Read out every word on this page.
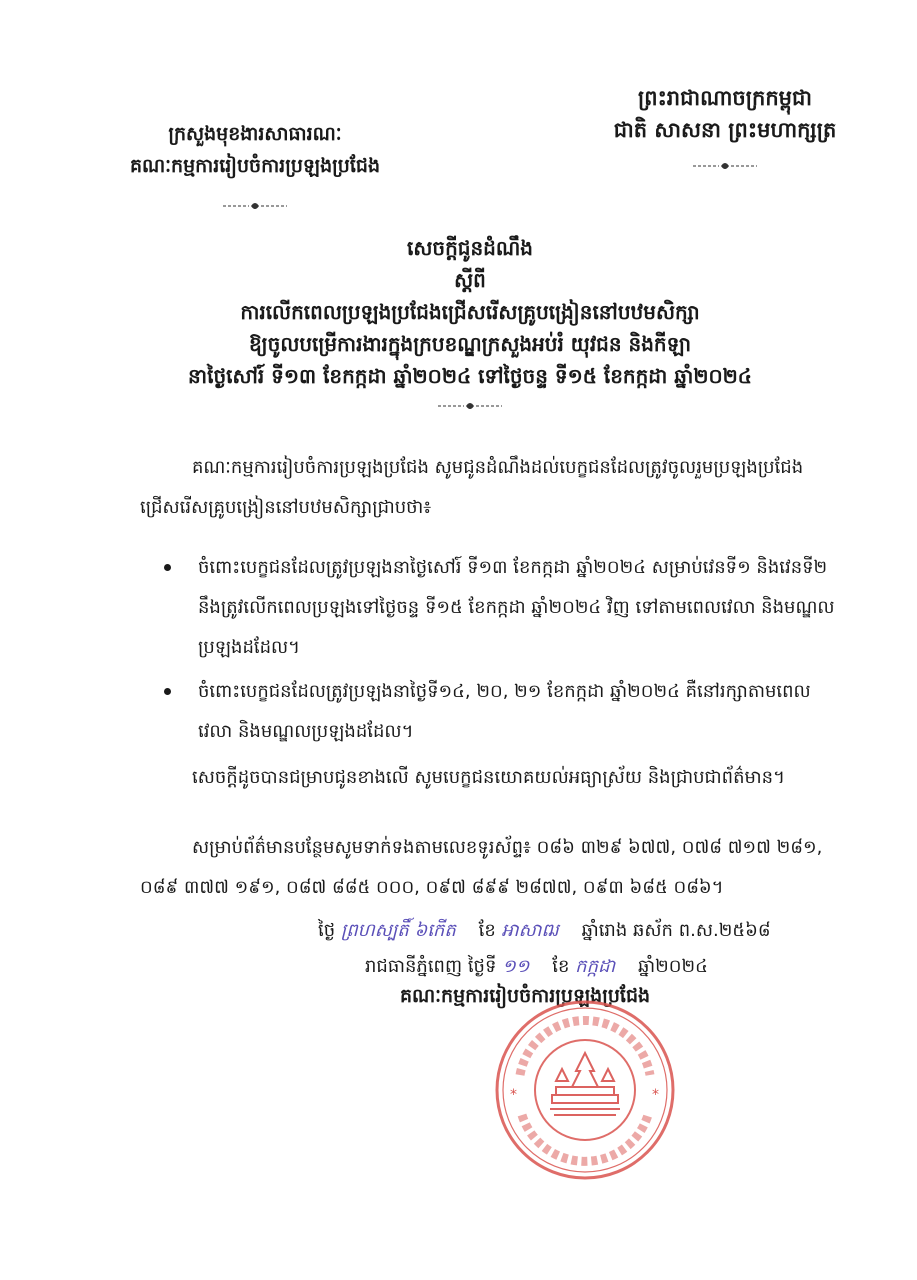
ព្រះរាជាណាចក្រកម្ពុជា
ជាតិ សាសនា ព្រះមហាក្សត្រ
ក្រសួងមុខងារសាធារណៈ
គណៈកម្មការរៀបចំការប្រឡងប្រជែង
សេចក្តីជូនដំណឹង
ស្តីពី
ការលើកពេលប្រឡងប្រជែងជ្រើសរើសគ្រូបង្រៀននៅបឋមសិក្សា
ឱ្យចូលបម្រើការងារក្នុងក្របខណ្ឌក្រសួងអប់រំ យុវជន និងកីឡា
នាថ្ងៃសៅរ៍ ទី១៣ ខែកក្កដា ឆ្នាំ២០២៤ ទៅថ្ងៃចន្ទ ទី១៥ ខែកក្កដា ឆ្នាំ២០២៤
គណៈកម្មការរៀបចំការប្រឡងប្រជែង សូមជូនដំណឹងដល់បេក្ខជនដែលត្រូវចូលរួមប្រឡងប្រជែងជ្រើសរើសគ្រូបង្រៀននៅបឋមសិក្សាជ្រាបថា៖
ចំពោះបេក្ខជនដែលត្រូវប្រឡងនាថ្ងៃសៅរ៍ ទី១៣ ខែកក្កដា ឆ្នាំ២០២៤ សម្រាប់វេនទី១ និងវេនទី២ នឹងត្រូវលើកពេលប្រឡងទៅថ្ងៃចន្ទ ទី១៥ ខែកក្កដា ឆ្នាំ២០២៤ វិញ ទៅតាមពេលវេលា និងមណ្ឌលប្រឡងដដែល។
ចំពោះបេក្ខជនដែលត្រូវប្រឡងនាថ្ងៃទី១៤, ២០, ២១ ខែកក្កដា ឆ្នាំ២០២៤ គឺនៅរក្សាតាមពេលវេលា និងមណ្ឌលប្រឡងដដែល។
សេចក្តីដូចបានជម្រាបជូនខាងលើ សូមបេក្ខជនយោគយល់អធ្យាស្រ័យ និងជ្រាបជាព័ត៌មាន។
សម្រាប់ព័ត៌មានបន្ថែមសូមទាក់ទងតាមលេខទូរស័ព្ទ៖ ០៨៦ ៣២៩ ៦៧៧, ០៧៨ ៧១៧ ២៨១, ០៨៩ ៣៧៧ ១៩១, ០៨៧ ៨៨៥ ០០០, ០៩៧ ៨៩៩ ២៨៧៧, ០៩៣ ៦៨៥ ០៨៦។
ថ្ងៃ ព្រហស្បតិ៍ ៦កើត ខែ អាសាឍ ឆ្នាំរោង ឆស័ក ព.ស.២៥៦៨
រាជធានីភ្នំពេញ ថ្ងៃទី ១១ ខែ កក្កដា ឆ្នាំ២០២៤
គណៈកម្មការរៀបចំការប្រឡងប្រជែង
*	*
